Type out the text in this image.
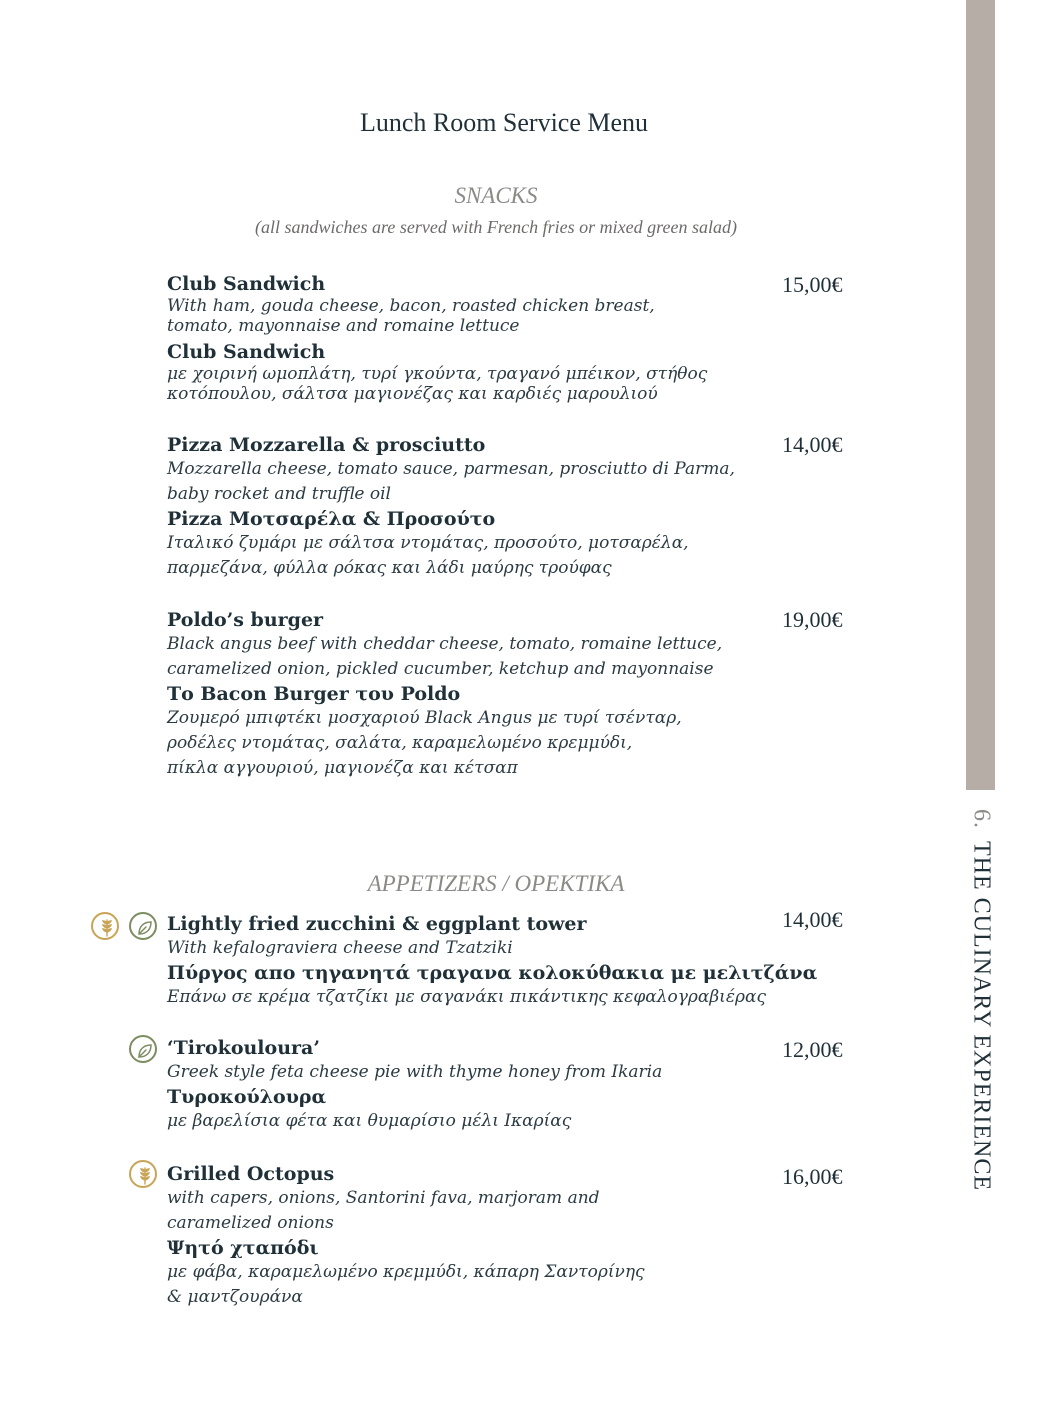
6.THE CULINARY EXPERIENCE
Lunch Room Service Menu
SNACKS
(all sandwiches are served with French fries or mixed green salad)
Club Sandwich
With ham, gouda cheese, bacon, roasted chicken breast,
tomato, mayonnaise and romaine lettuce
Club Sandwich
με χοιρινή ωμοπλάτη, τυρί γκούντα, τραγανό μπέικον, στήθος
κοτόπουλου, σάλτσα μαγιονέζας και καρδιές μαρουλιού
15,00€
Pizza Mozzarella & prosciutto
Mozzarella cheese, tomato sauce, parmesan, prosciutto di Parma,
baby rocket and truffle oil
Pizza Μοτσαρέλα & Προσούτο
Ιταλικό ζυμάρι με σάλτσα ντομάτας, προσούτο, μοτσαρέλα,
παρμεζάνα, φύλλα ρόκας και λάδι μαύρης τρούφας
14,00€
Poldo’s burger
Black angus beef with cheddar cheese, tomato, romaine lettuce,
caramelized onion, pickled cucumber, ketchup and mayonnaise
Το Bacon Burger του Poldo
Ζουμερό μπιφτέκι μοσχαριού Black Angus με τυρί τσένταρ,
ροδέλες ντομάτας, σαλάτα, καραμελωμένο κρεμμύδι,
πίκλα αγγουριού, μαγιονέζα και κέτσαπ
19,00€
APPETIZERS / OPEKTIKA
Lightly fried zucchini & eggplant tower
With kefalograviera cheese and Tzatziki
Πύργος απο τηγανητά τραγανα κολοκύθακια με μελιτζάνα
Επάνω σε κρέμα τζατζίκι με σαγανάκι πικάντικης κεφαλογραβιέρας
14,00€
‘Tirokouloura’
Greek style feta cheese pie with thyme honey from Ikaria
Τυροκούλουρα
με βαρελίσια φέτα και θυμαρίσιο μέλι Ικαρίας
12,00€
Grilled Octopus
with capers, onions, Santorini fava, marjoram and
caramelized onions
Ψητό χταπόδι
με φάβα, καραμελωμένο κρεμμύδι, κάπαρη Σαντορίνης
& μαντζουράνα
16,00€
